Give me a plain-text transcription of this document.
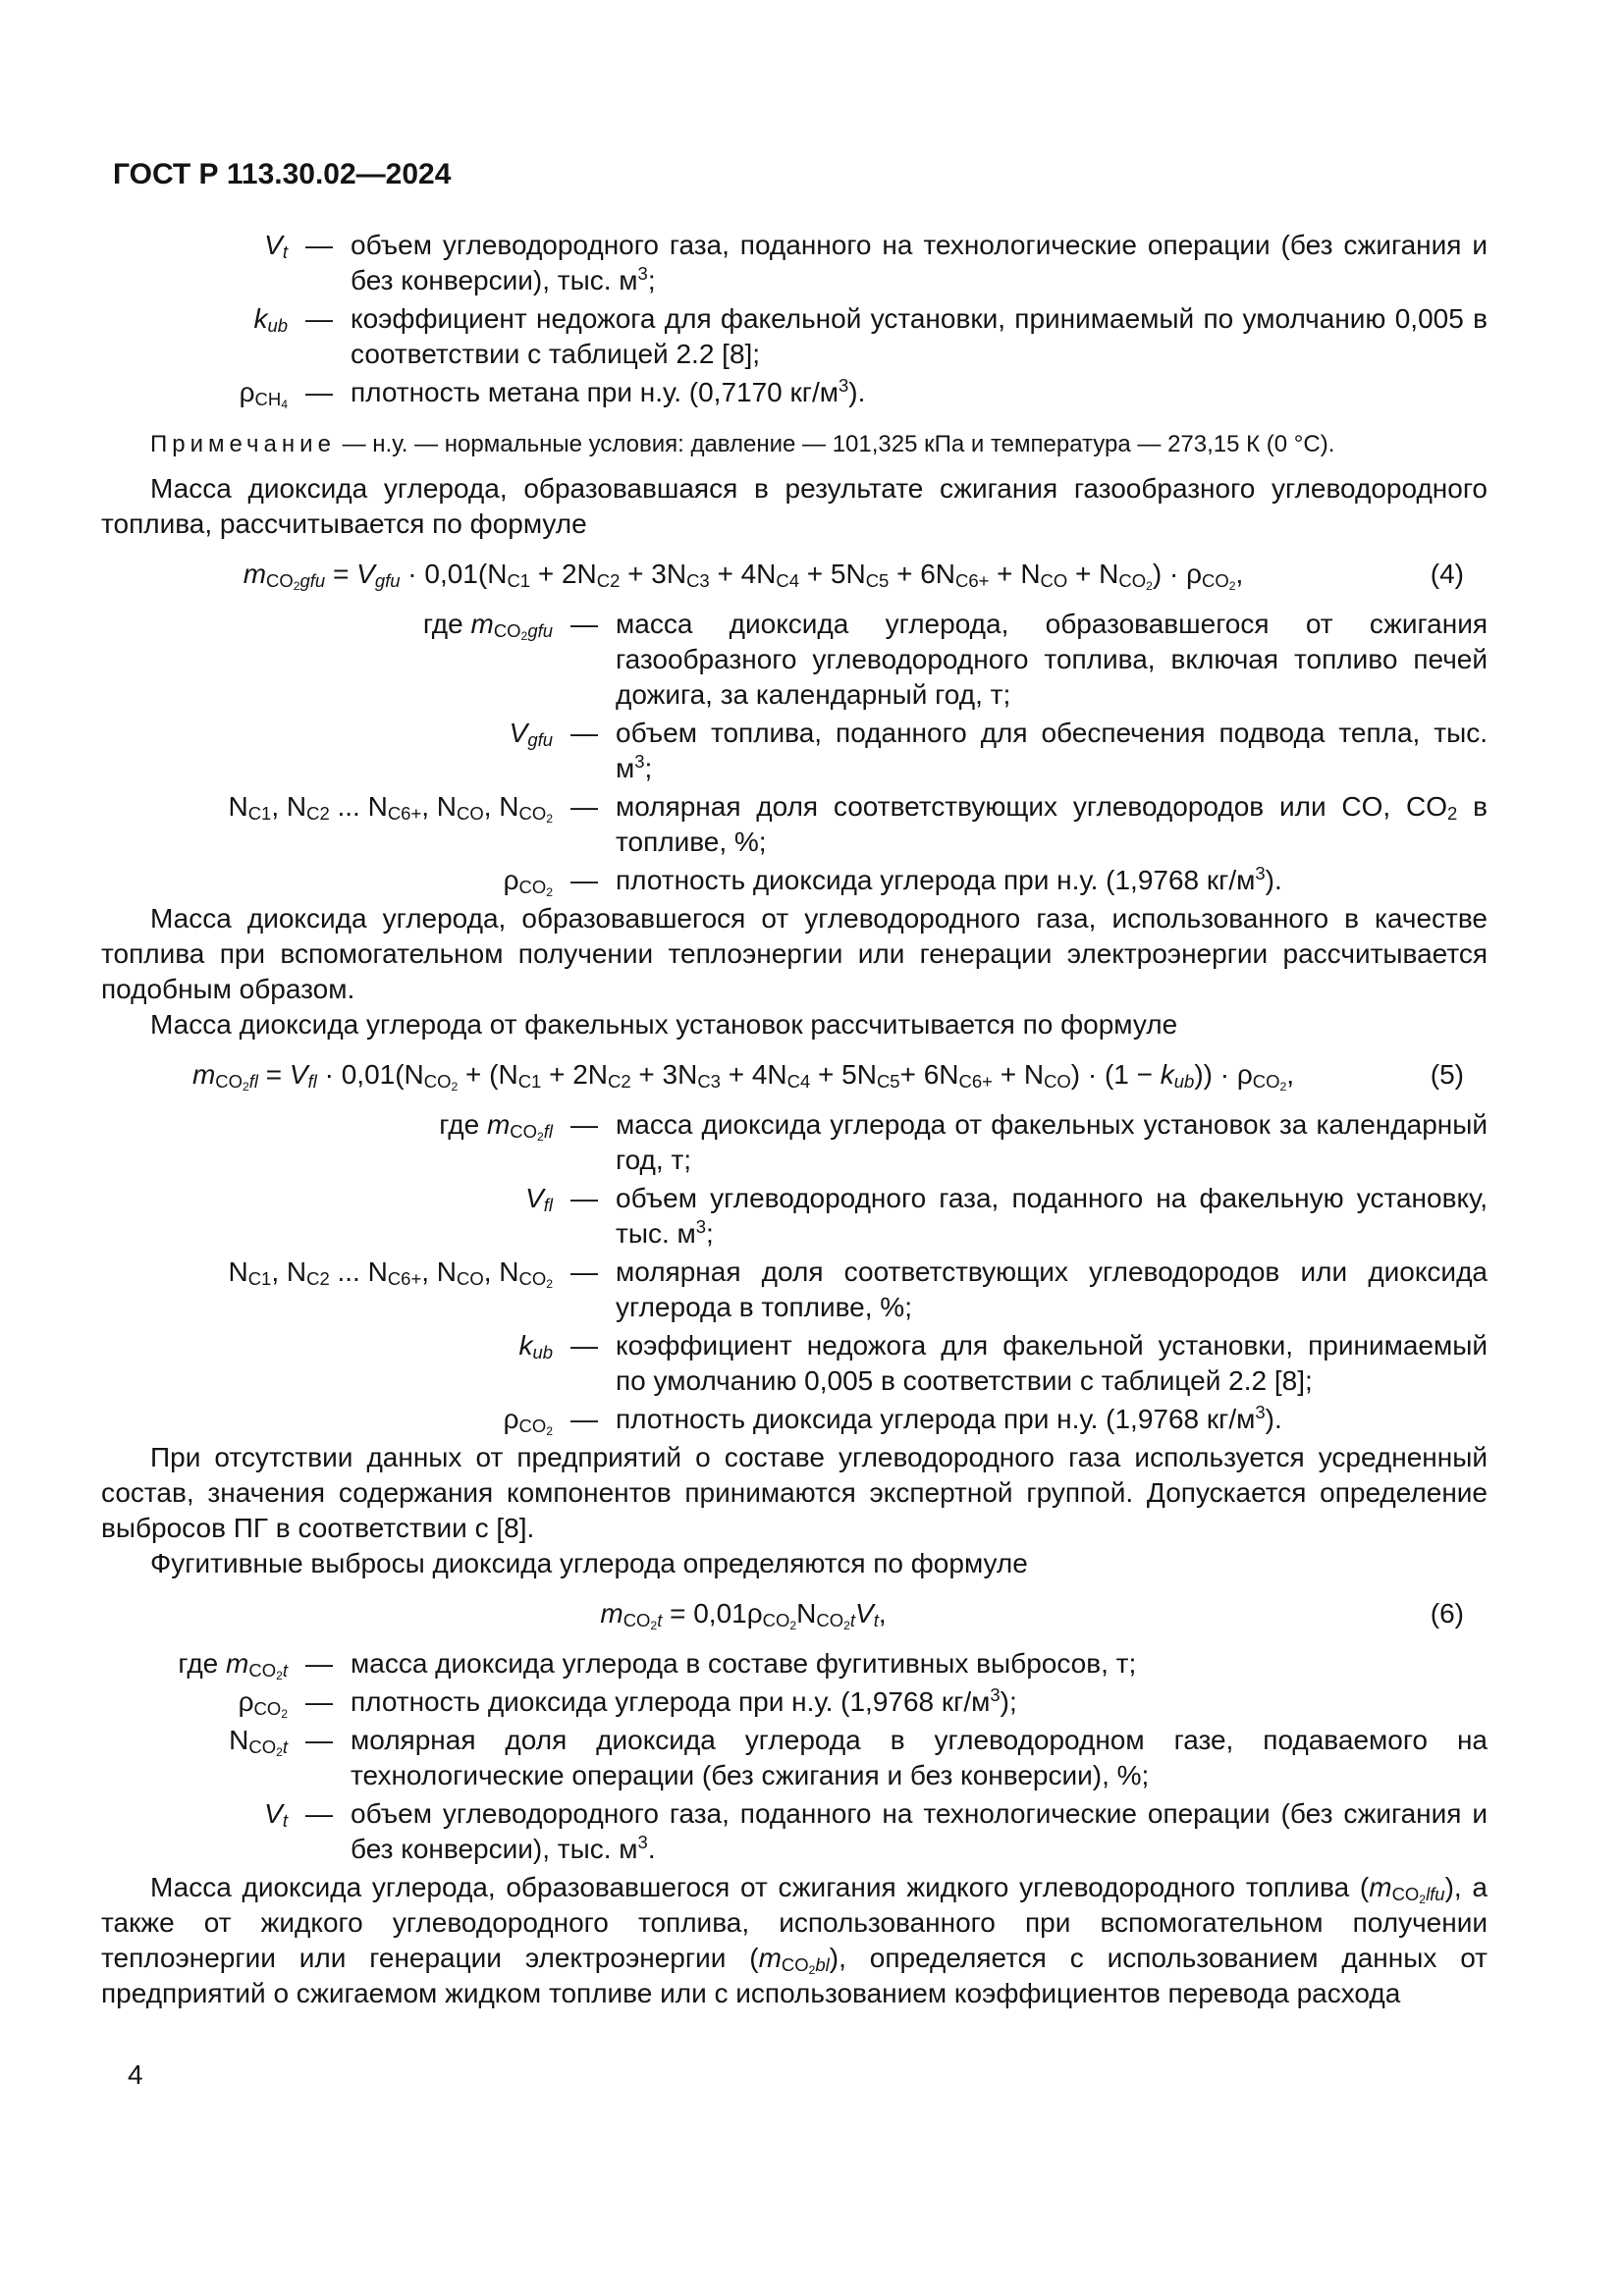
ГОСТ Р 113.30.02—2024
$V_t$ — объем углеводородного газа, поданного на технологические операции (без сжигания и без конверсии), тыс. $м^3$;
$k_{ub}$ — коэффициент недожога для факельной установки, принимаемый по умолчанию 0,005 в соответствии с таблицей 2.2 [8];
$\rho_{CH_4}$ — плотность метана при н.у. (0,7170 $кг/м^3$).
Примечание — н.у. — нормальные условия: давление — 101,325 кПа и температура — 273,15 К (0 °С).

Масса диоксида углерода, образовавшаяся в результате сжигания газообразного углеводородного топлива, рассчитывается по формуле

$m_{CO_2gfu} = V_{gfu} \cdot 0,01(N_{C1} + 2N_{C2} + 3N_{C3} + 4N_{C4} + 5N_{C5} + 6N_{C6+} + N_{CO} + N_{CO_2}) \cdot \rho_{CO_2}$,	(4)
где $m_{CO_2gfu}$ — масса диоксида углерода, образовавшегося от сжигания газообразного углеводородного топлива, включая топливо печей дожига, за календарный год, т;
$V_{gfu}$ — объем топлива, поданного для обеспечения подвода тепла, тыс. $м^3$;
$N_{C1}$, $N_{C2}$ ... $N_{C6+}$, $N_{CO}$, $N_{CO_2}$ — молярная доля соответствующих углеводородов или CO, $CO_2$ в топливе, %;
$\rho_{CO_2}$ — плотность диоксида углерода при н.у. (1,9768 $кг/м^3$).

Масса диоксида углерода, образовавшегося от углеводородного газа, использованного в качестве топлива при вспомогательном получении теплоэнергии или генерации электроэнергии рассчитывается подобным образом.

Масса диоксида углерода от факельных установок рассчитывается по формуле

$m_{CO_2fl} = V_{fl} \cdot 0,01(N_{CO_2} + (N_{C1} + 2N_{C2} + 3N_{C3} + 4N_{C4} + 5N_{C5}+ 6N_{C6+} + N_{CO}) \cdot (1 - k_{ub})) \cdot \rho_{CO_2}$,	(5)
где $m_{CO_2fl}$ — масса диоксида углерода от факельных установок за календарный год, т;
$V_{fl}$ — объем углеводородного газа, поданного на факельную установку, тыс. $м^3$;
$N_{C1}$, $N_{C2}$ ... $N_{C6+}$, $N_{CO}$, $N_{CO_2}$ — молярная доля соответствующих углеводородов или диоксида углерода в топливе, %;
$k_{ub}$ — коэффициент недожога для факельной установки, принимаемый по умолчанию 0,005 в соответствии с таблицей 2.2 [8];
$\rho_{CO_2}$ — плотность диоксида углерода при н.у. (1,9768 $кг/м^3$).

При отсутствии данных от предприятий о составе углеводородного газа используется усредненный состав, значения содержания компонентов принимаются экспертной группой. Допускается определение выбросов ПГ в соответствии с [8].

Фугитивные выбросы диоксида углерода определяются по формуле

$m_{CO_2t} = 0,01\rho_{CO_2}N_{CO_2t}V_t$,	(6)
где $m_{CO_2t}$ — масса диоксида углерода в составе фугитивных выбросов, т;
$\rho_{CO_2}$ — плотность диоксида углерода при н.у. (1,9768 $кг/м^3$);
$N_{CO_2t}$ — молярная доля диоксида углерода в углеводородном газе, подаваемого на технологические операции (без сжигания и без конверсии), %;
$V_t$ — объем углеводородного газа, поданного на технологические операции (без сжигания и без конверсии), тыс. $м^3$.

Масса диоксида углерода, образовавшегося от сжигания жидкого углеводородного топлива $(m_{CO_2lfu})$, а также от жидкого углеводородного топлива, использованного при вспомогательном получении теплоэнергии или генерации электроэнергии $(m_{CO_2bl})$, определяется с использованием данных от предприятий о сжигаемом жидком топливе или с использованием коэффициентов перевода расхода

4
